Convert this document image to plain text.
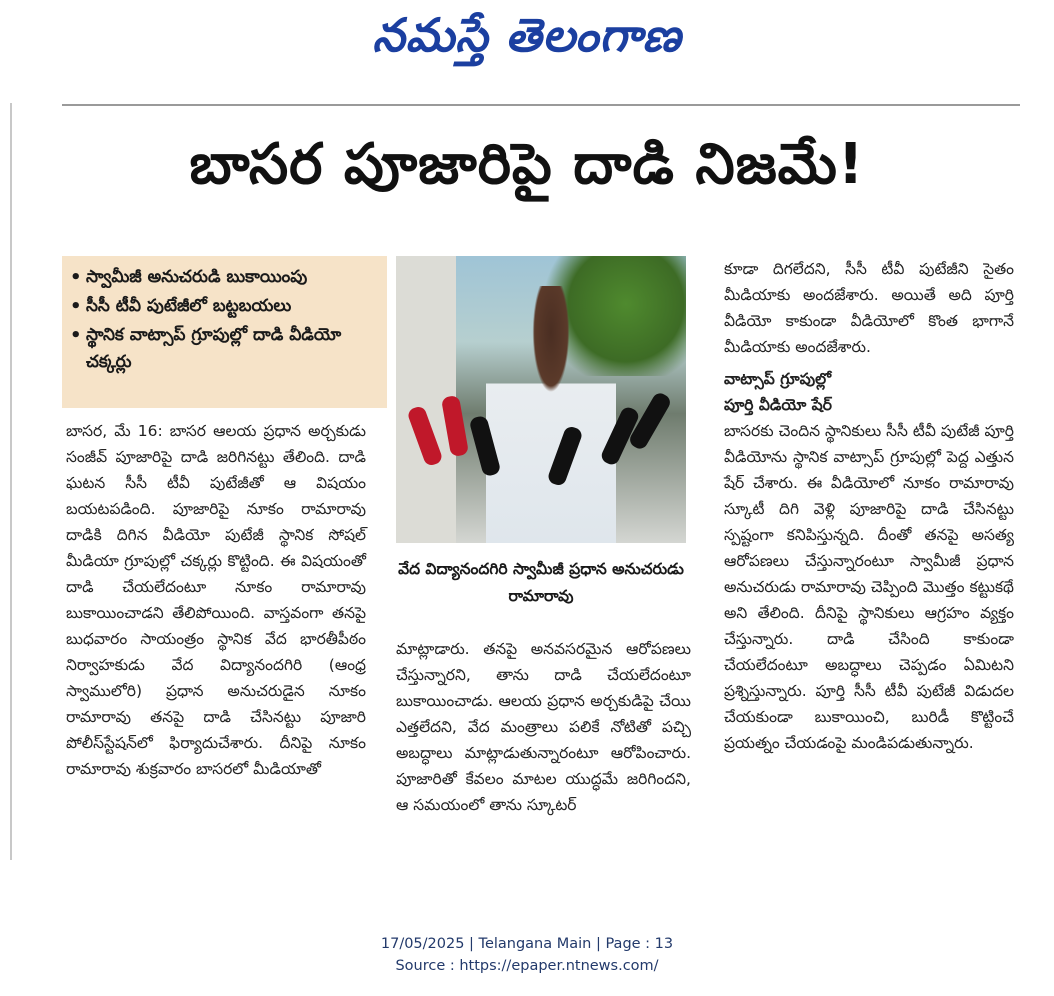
నమస్తే తెలంగాణ
బాసర పూజారిపై దాడి నిజమే!
• స్వామీజీ అనుచరుడి బుకాయింపు
• సీసీ టీవీ పుటేజీలో బట్టబయలు
• స్థానిక వాట్సాప్ గ్రూపుల్లో దాడి వీడియో చక్కర్లు

బాసర, మే 16: బాసర ఆలయ ప్రధాన అర్చకుడు సంజీవ్ పూజారిపై దాడి జరిగినట్టు తేలింది. దాడి ఘటన సీసీ టీవీ పుటేజీతో ఆ విషయం బయటపడింది. పూజారిపై నూకం రామారావు దాడికి దిగిన వీడియో పుటేజీ స్థానిక సోషల్ మీడియా గ్రూపుల్లో చక్కర్లు కొట్టింది. ఈ విషయంతో దాడి చేయలేదంటూ నూకం రామారావు బుకాయించాడని తేలిపోయింది. వాస్తవంగా తనపై బుధవారం సాయంత్రం స్థానిక వేద భారతీపీఠం నిర్వాహకుడు వేద విద్యానందగిరి (ఆంధ్ర స్వాములోరి) ప్రధాన అనుచరుడైన నూకం రామారావు తనపై దాడి చేసినట్టు పూజారి పోలీస్‌స్టేషన్‌లో ఫిర్యాదుచేశారు. దీనిపై నూకం రామారావు శుక్రవారం బాసరలో మీడియాతో

వేద విద్యానందగిరి స్వామీజీ ప్రధాన అనుచరుడు రామారావు

మాట్లాడారు. తనపై అనవసరమైన ఆరోపణలు చేస్తున్నారని, తాను దాడి చేయలేదంటూ బుకాయించాడు. ఆలయ ప్రధాన అర్చకుడిపై చేయి ఎత్తలేదని, వేద మంత్రాలు పలికే నోటితో పచ్చి అబద్ధాలు మాట్లాడుతున్నారంటూ ఆరోపించారు. పూజారితో కేవలం మాటల యుద్ధమే జరిగిందని, ఆ సమయంలో తాను స్కూటర్

కూడా దిగలేదని, సీసీ టీవీ పుటేజీని సైతం మీడియాకు అందజేశారు. అయితే అది పూర్తి వీడియో కాకుండా వీడియోలో కొంత భాగానే మీడియాకు అందజేశారు.

వాట్సాప్ గ్రూపుల్లో
పూర్తి వీడియో షేర్

బాసరకు చెందిన స్థానికులు సీసీ టీవీ పుటేజీ పూర్తి వీడియోను స్థానిక వాట్సాప్ గ్రూపుల్లో పెద్ద ఎత్తున షేర్ చేశారు. ఈ వీడియోలో నూకం రామారావు స్కూటీ దిగి వెళ్లి పూజారిపై దాడి చేసినట్టు స్పష్టంగా కనిపిస్తున్నది. దీంతో తనపై అసత్య ఆరోపణలు చేస్తున్నారంటూ స్వామీజీ ప్రధాన అనుచరుడు రామారావు చెప్పింది మొత్తం కట్టుకథే అని తేలింది. దీనిపై స్థానికులు ఆగ్రహం వ్యక్తం చేస్తున్నారు. దాడి చేసింది కాకుండా చేయలేదంటూ అబద్ధాలు చెప్పడం ఏమిటని ప్రశ్నిస్తున్నారు. పూర్తి సీసీ టీవీ పుటేజీ విడుదల చేయకుండా బుకాయించి, బురిడీ కొట్టించే ప్రయత్నం చేయడంపై మండిపడుతున్నారు.

17/05/2025 | Telangana Main | Page : 13
Source : https://epaper.ntnews.com/
